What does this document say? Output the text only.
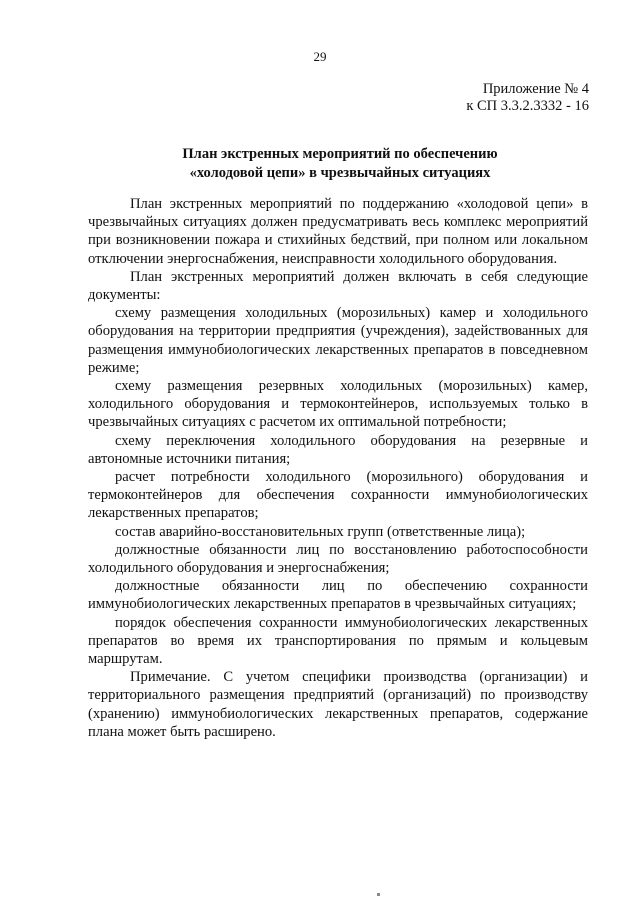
29
Приложение № 4
к СП 3.3.2.3332 - 16
План экстренных мероприятий по обеспечению
«холодовой цепи» в чрезвычайных ситуациях

План экстренных мероприятий по поддержанию «холодовой цепи» в чрезвычайных ситуациях должен предусматривать весь комплекс мероприятий при возникновении пожара и стихийных бедствий, при полном или локальном отключении энергоснабжения, неисправности холодильного оборудования.

План экстренных мероприятий должен включать в себя следующие документы:

схему размещения холодильных (морозильных) камер и холодильного оборудования на территории предприятия (учреждения), задействованных для размещения иммунобиологических лекарственных препаратов в повседневном режиме;

схему размещения резервных холодильных (морозильных) камер, холодильного оборудования и термоконтейнеров, используемых только в чрезвычайных ситуациях с расчетом их оптимальной потребности;

схему переключения холодильного оборудования на резервные и автономные источники питания;

расчет потребности холодильного (морозильного) оборудования и термоконтейнеров для обеспечения сохранности иммунобиологических лекарственных препаратов;

состав аварийно-восстановительных групп (ответственные лица);

должностные обязанности лиц по восстановлению работоспособности холодильного оборудования и энергоснабжения;

должностные обязанности лиц по обеспечению сохранности иммунобиологических лекарственных препаратов в чрезвычайных ситуациях;

порядок обеспечения сохранности иммунобиологических лекарственных препаратов во время их транспортирования по прямым и кольцевым маршрутам.

Примечание. С учетом специфики производства (организации) и территориального размещения предприятий (организаций) по производству (хранению) иммунобиологических лекарственных препаратов, содержание плана может быть расширено.
